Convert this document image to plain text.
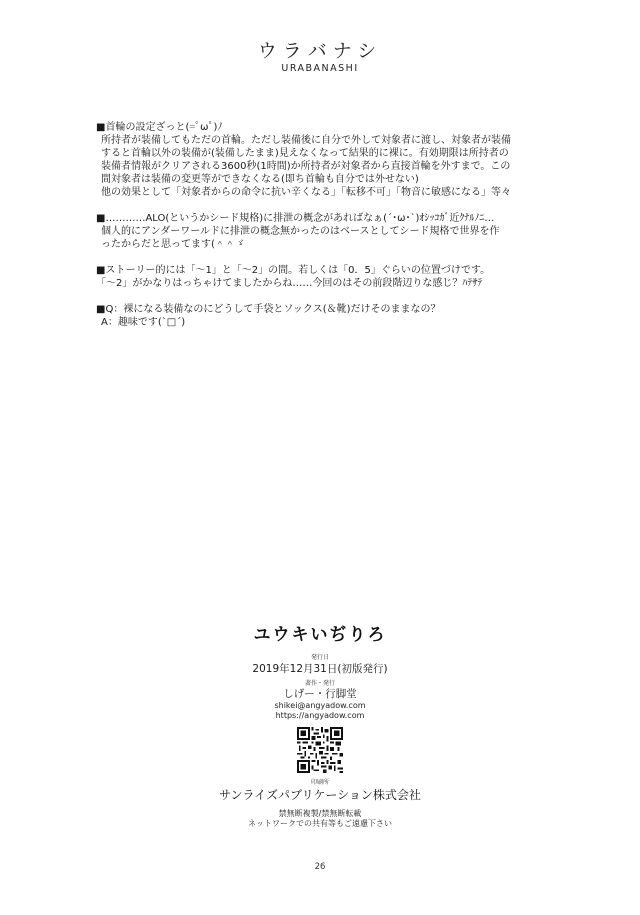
ウラバナシ
URABANASHI
■首輪の設定ざっと(=ﾟωﾟ)ﾉ
所持者が装備してもただの首輪。ただし装備後に自分で外して対象者に渡し、対象者が装備
すると首輪以外の装備が(装備したまま)見えなくなって結果的に裸に。有効期限は所持者の
装備者情報がクリアされる3600秒(1時間)か所持者が対象者から直接首輪を外すまで。この
間対象者は装備の変更等ができなくなる(即ち首輪も自分では外せない)
他の効果として「対象者からの命令に抗い辛くなる」「転移不可」「物音に敏感になる」等々
■…………ALO(というかシード規格)に排泄の概念があればなぁ(´･ω･`)ｵｼｯｺｶﾞ近ｸﾅﾙﾉﾆ…
個人的にアンダーワールドに排泄の概念無かったのはベースとしてシード規格で世界を作
ったからだと思ってます(＾＾ゞ
■ストーリー的には「～1」と「～2」の間。若しくは「0．5」ぐらいの位置づけです。
「～2」がかなりはっちゃけてましたからね……今回のはその前段階辺りな感じ？ﾊﾃｻﾃ
■Q：裸になる装備なのにどうして手袋とソックス(＆靴)だけそのままなの？
A：趣味です(`□´)
ユウキいぢりろ
発行日
2019年12月31日(初版発行)
著作・発行
しげー・行脚堂
shikei@angyadow.com
https://angyadow.com
印刷所
サンライズパブリケーション株式会社
禁無断複製/禁無断転載
ネットワークでの共有等もご遠慮下さい
26
